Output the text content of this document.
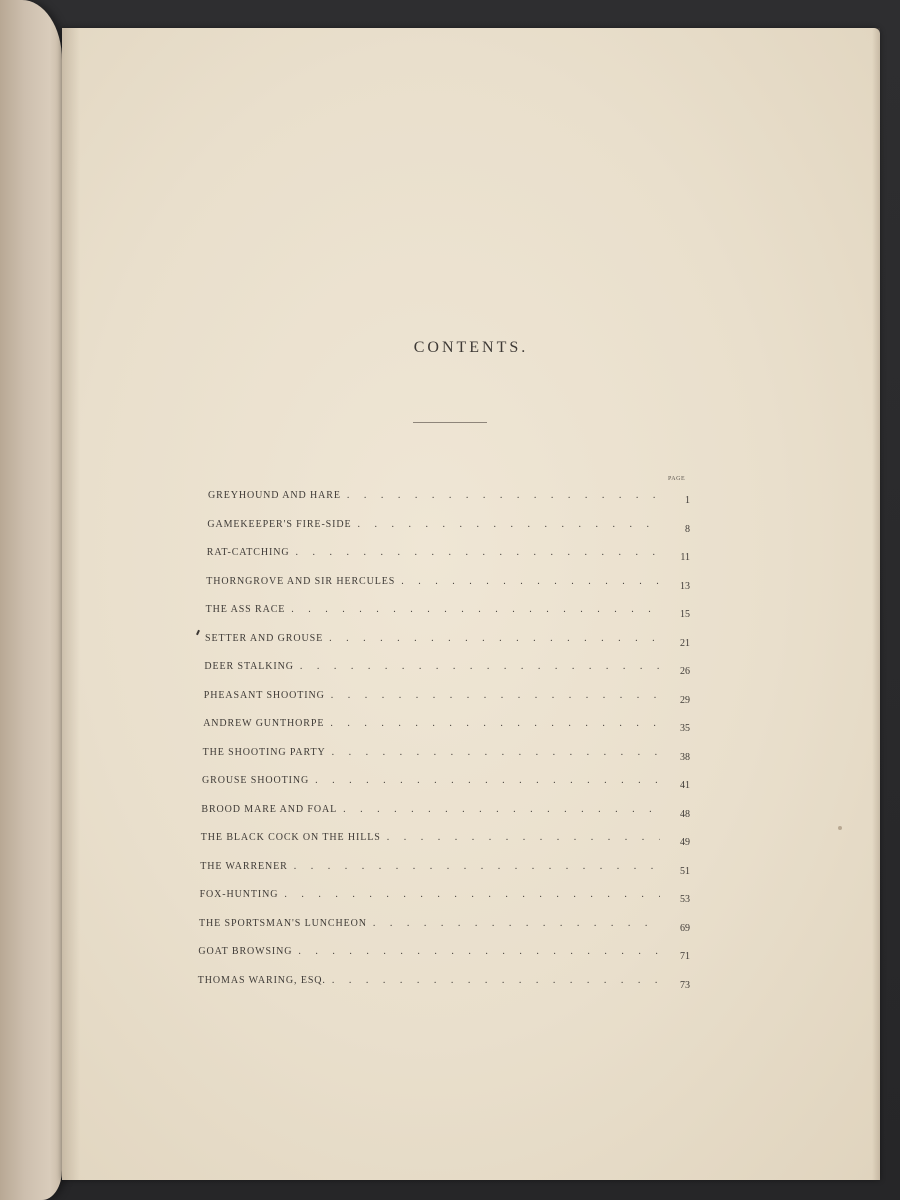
CONTENTS.
PAGE
GREYHOUND AND HARE . . .	1
GAMEKEEPER'S FIRE-SIDE . . .	8
RAT-CATCHING . . .	11
THORNGROVE AND SIR HERCULES . . .	13
THE ASS RACE . . .	15
SETTER AND GROUSE . . .	21
DEER STALKING . . .	26
PHEASANT SHOOTING . . .	29
ANDREW GUNTHORPE . . .	35
THE SHOOTING PARTY . . .	38
GROUSE SHOOTING . . .	41
BROOD MARE AND FOAL . . .	48
THE BLACK COCK ON THE HILLS . . .	49
THE WARRENER . . .	51
FOX-HUNTING . . .	53
THE SPORTSMAN'S LUNCHEON . . .	69
GOAT BROWSING . . .	71
THOMAS WARING, ESQ. . . .	73
